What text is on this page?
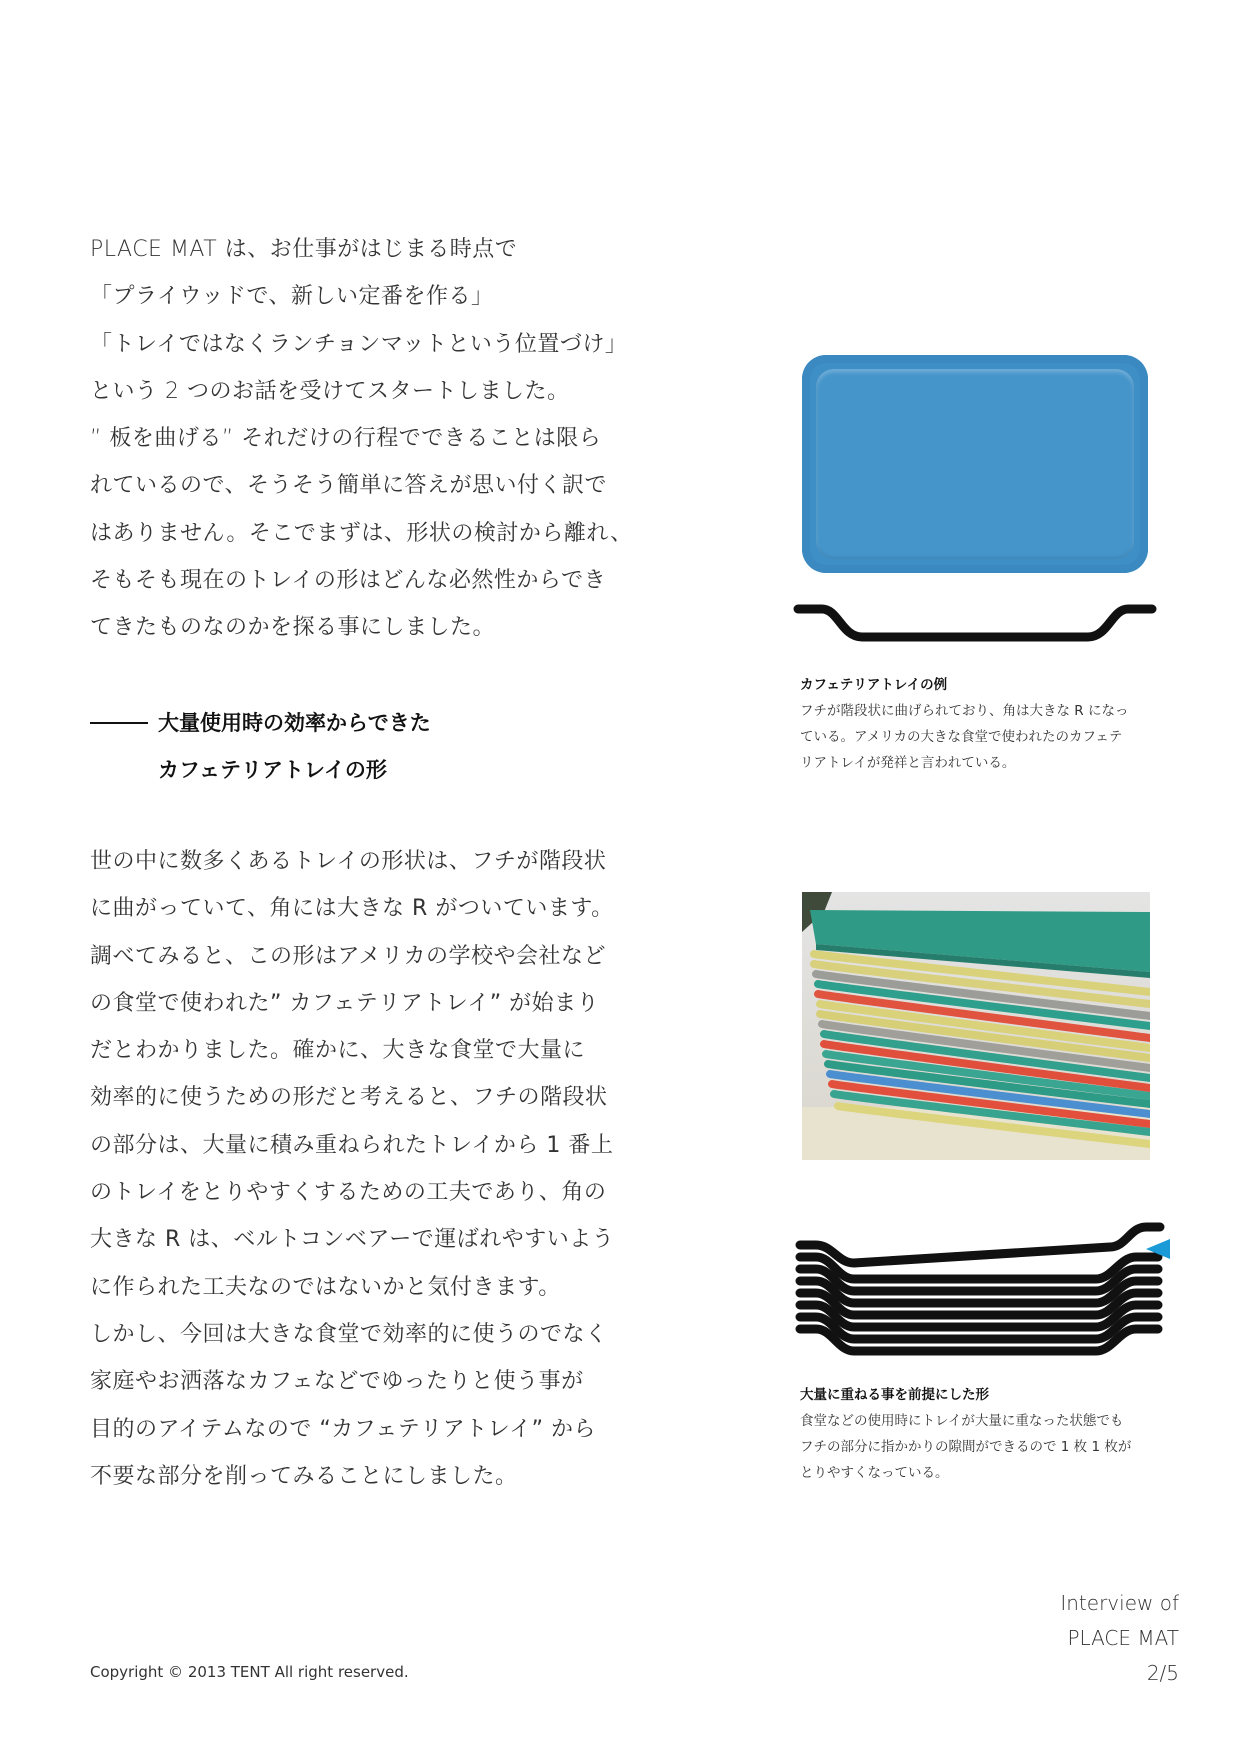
PLACE MAT は、お仕事がはじまる時点で
「プライウッドで、新しい定番を作る」
「トレイではなくランチョンマットという位置づけ」
という 2 つのお話を受けてスタートしました。
” 板を曲げる” それだけの行程でできることは限ら
れているので、そうそう簡単に答えが思い付く訳で
はありません。そこでまずは、形状の検討から離れ、
そもそも現在のトレイの形はどんな必然性からでき
てきたものなのかを探る事にしました。
大量使用時の効率からできた
カフェテリアトレイの形
世の中に数多くあるトレイの形状は、フチが階段状
に曲がっていて、角には大きな R がついています。
調べてみると、この形はアメリカの学校や会社など
の食堂で使われた” カフェテリアトレイ” が始まり
だとわかりました。確かに、大きな食堂で大量に
効率的に使うための形だと考えると、フチの階段状
の部分は、大量に積み重ねられたトレイから 1 番上
のトレイをとりやすくするための工夫であり、角の
大きな R は、ベルトコンベアーで運ばれやすいよう
に作られた工夫なのではないかと気付きます。
しかし、今回は大きな食堂で効率的に使うのでなく
家庭やお洒落なカフェなどでゆったりと使う事が
目的のアイテムなので “カフェテリアトレイ” から
不要な部分を削ってみることにしました。
カフェテリアトレイの例
フチが階段状に曲げられており、角は大きな R になっ
ている。アメリカの大きな食堂で使われたのカフェテ
リアトレイが発祥と言われている。
大量に重ねる事を前提にした形
食堂などの使用時にトレイが大量に重なった状態でも
フチの部分に指かかりの隙間ができるので 1 枚 1 枚が
とりやすくなっている。
Copyright © 2013 TENT All right reserved.
Interview of
PLACE MAT
2/5
